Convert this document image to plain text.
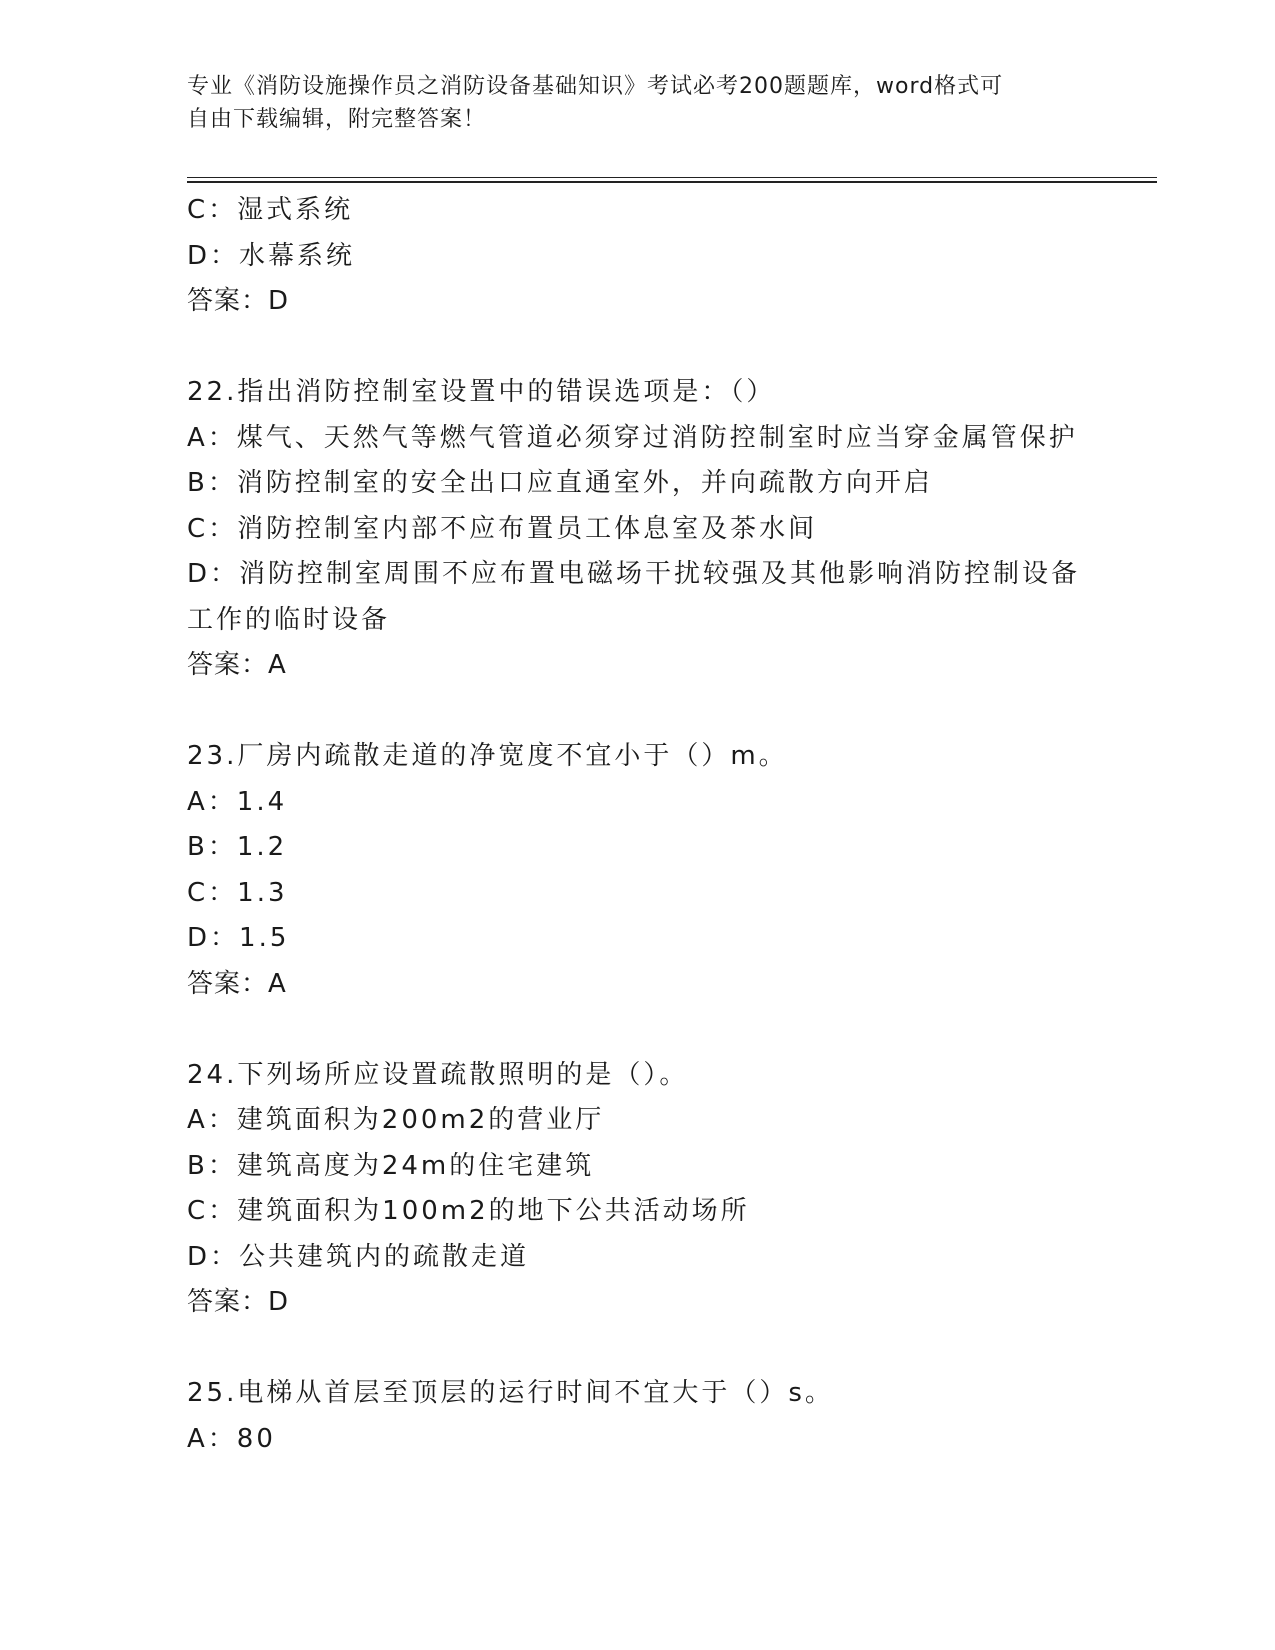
专业《消防设施操作员之消防设备基础知识》考试必考200题题库，word格式可
自由下载编辑，附完整答案！
C：湿式系统
D：水幕系统
答案：D
22.指出消防控制室设置中的错误选项是：（）
A：煤气、天然气等燃气管道必须穿过消防控制室时应当穿金属管保护
B：消防控制室的安全出口应直通室外，并向疏散方向开启
C：消防控制室内部不应布置员工体息室及茶水间
D：消防控制室周围不应布置电磁场干扰较强及其他影响消防控制设备
工作的临时设备
答案：A
23.厂房内疏散走道的净宽度不宜小于（）m。
A：1.4
B：1.2
C：1.3
D：1.5
答案：A
24.下列场所应设置疏散照明的是（）。
A：建筑面积为200m2的营业厅
B：建筑高度为24m的住宅建筑
C：建筑面积为100m2的地下公共活动场所
D：公共建筑内的疏散走道
答案：D
25.电梯从首层至顶层的运行时间不宜大于（）s。
A：80
